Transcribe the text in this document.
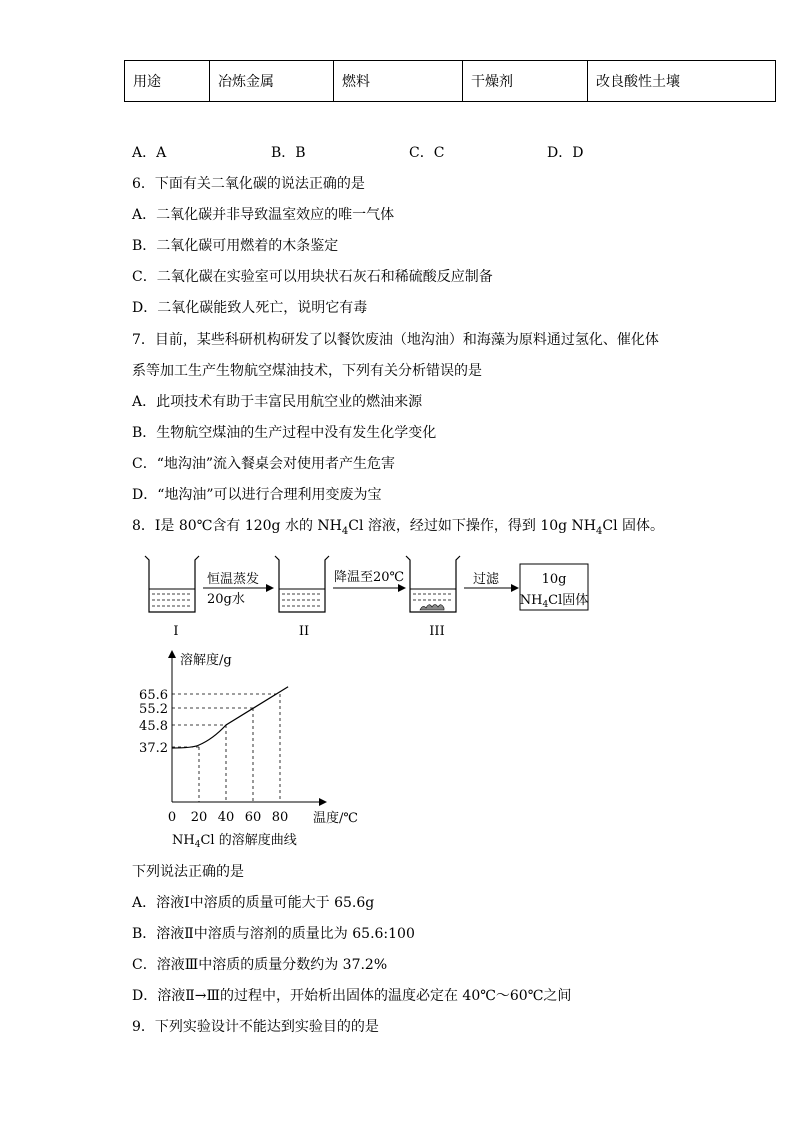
用途	冶炼金属	燃料	干燥剂	改良酸性土壤
A．A	B．B	C．C	D．D
6．下面有关二氧化碳的说法正确的是
A．二氧化碳并非导致温室效应的唯一气体
B．二氧化碳可用燃着的木条鉴定
C．二氧化碳在实验室可以用块状石灰石和稀硫酸反应制备
D．二氧化碳能致人死亡，说明它有毒
7．目前，某些科研机构研发了以餐饮废油（地沟油）和海藻为原料通过氢化、催化体
系等加工生产生物航空煤油技术，下列有关分析错误的是
A．此项技术有助于丰富民用航空业的燃油来源
B．生物航空煤油的生产过程中没有发生化学变化
C．“地沟油”流入餐桌会对使用者产生危害
D．“地沟油”可以进行合理利用变废为宝
8．Ⅰ是 80℃含有 120g 水的 $NH_4Cl$ 溶液，经过如下操作，得到 10g $NH_4Cl$ 固体。
I
恒温蒸发
20g水
II
降温至20℃
III
过滤	10g
$NH_4Cl$固体
溶解度/g
温度/℃
37.2
45.8
55.2
65.6
0 20 40 60 80
$NH_4Cl$ 的溶解度曲线
下列说法正确的是
A．溶液Ⅰ中溶质的质量可能大于 65.6g
B．溶液Ⅱ中溶质与溶剂的质量比为 65.6:100
C．溶液Ⅲ中溶质的质量分数约为 37.2%
D．溶液Ⅱ→Ⅲ的过程中，开始析出固体的温度必定在 40℃～60℃之间
9．下列实验设计不能达到实验目的的是
